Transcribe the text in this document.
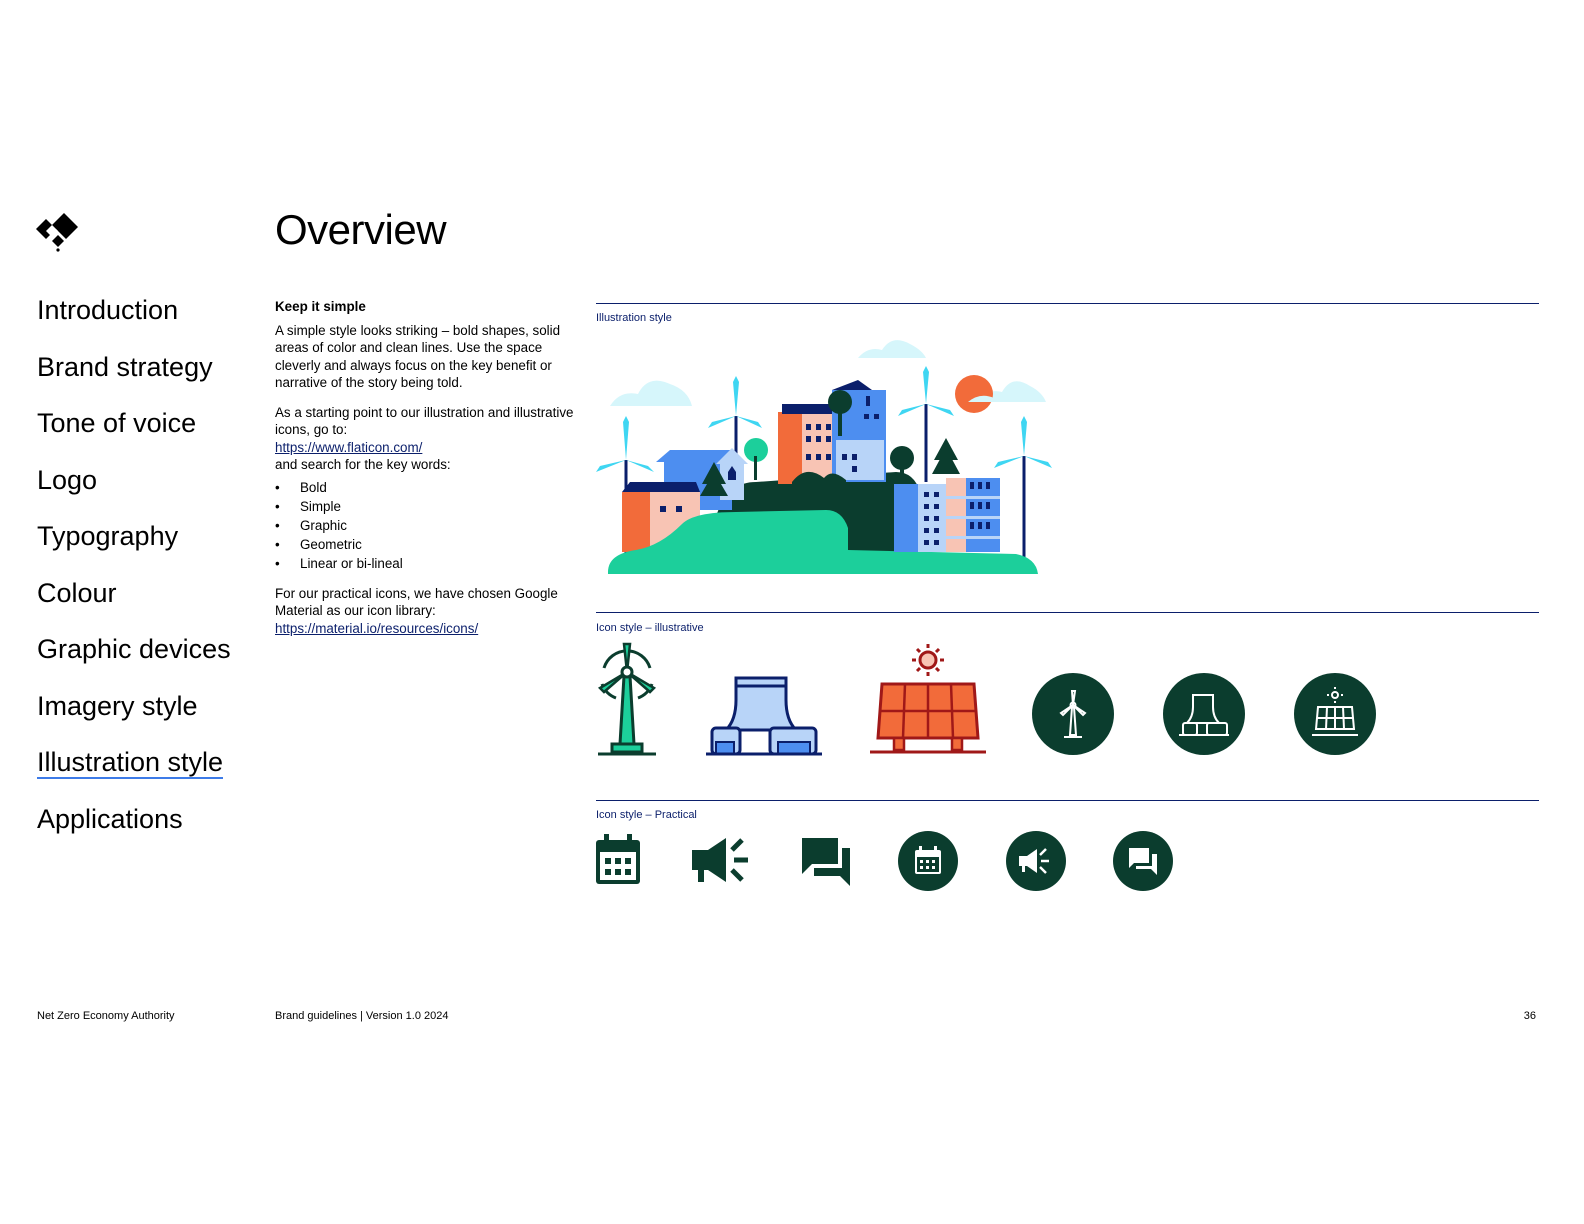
Overview
Introduction
Brand strategy
Tone of voice
Logo
Typography
Colour
Graphic devices
Imagery style
Illustration style
Applications
Keep it simple

A simple style looks striking – bold shapes, solid areas of color and clean lines. Use the space cleverly and always focus on the key benefit or narrative of the story being told.

As a starting point to our illustration and illustrative icons, go to:
https://www.flaticon.com/
and search for the key words:

• Bold
• Simple
• Graphic
• Geometric
• Linear or bi-lineal

For our practical icons, we have chosen Google Material as our icon library:
https://material.io/resources/icons/

Illustration style
Icon style – illustrative
Icon style – Practical
Net Zero Economy Authority	Brand guidelines | Version 1.0 2024	36
